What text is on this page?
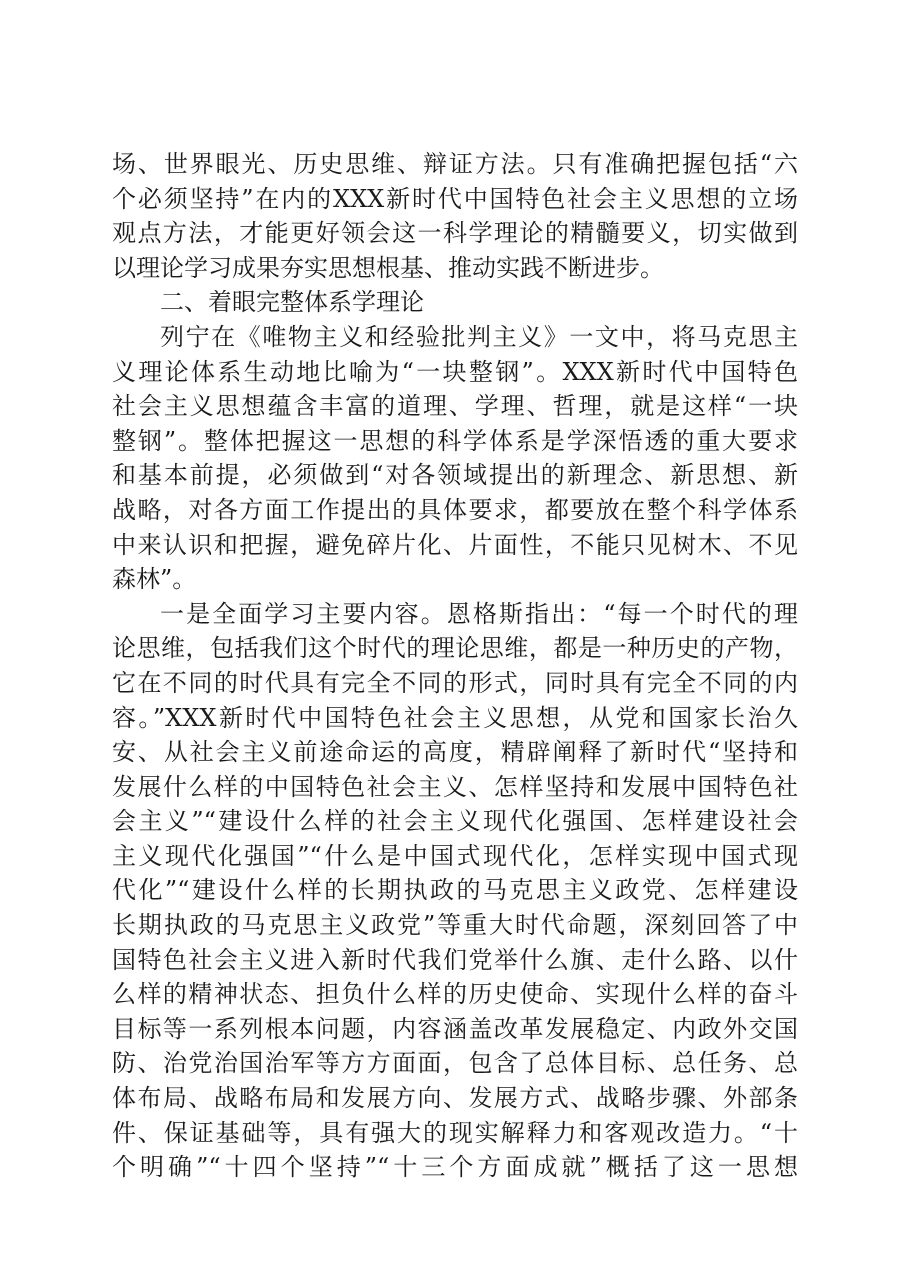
场、世界眼光、历史思维、辩证方法。只有准确把握包括“六
个必须坚持”在内的XXX新时代中国特色社会主义思想的立场
观点方法，才能更好领会这一科学理论的精髓要义，切实做到
以理论学习成果夯实思想根基、推动实践不断进步。
二、着眼完整体系学理论
列宁在《唯物主义和经验批判主义》一文中，将马克思主
义理论体系生动地比喻为“一块整钢”。XXX新时代中国特色
社会主义思想蕴含丰富的道理、学理、哲理，就是这样“一块
整钢”。整体把握这一思想的科学体系是学深悟透的重大要求
和基本前提，必须做到“对各领域提出的新理念、新思想、新
战略，对各方面工作提出的具体要求，都要放在整个科学体系
中来认识和把握，避免碎片化、片面性，不能只见树木、不见
森林”。
一是全面学习主要内容。恩格斯指出：“每一个时代的理
论思维，包括我们这个时代的理论思维，都是一种历史的产物，
它在不同的时代具有完全不同的形式，同时具有完全不同的内
容。”XXX新时代中国特色社会主义思想，从党和国家长治久
安、从社会主义前途命运的高度，精辟阐释了新时代“坚持和
发展什么样的中国特色社会主义、怎样坚持和发展中国特色社
会主义”“建设什么样的社会主义现代化强国、怎样建设社会
主义现代化强国”“什么是中国式现代化，怎样实现中国式现
代化”“建设什么样的长期执政的马克思主义政党、怎样建设
长期执政的马克思主义政党”等重大时代命题，深刻回答了中
国特色社会主义进入新时代我们党举什么旗、走什么路、以什
么样的精神状态、担负什么样的历史使命、实现什么样的奋斗
目标等一系列根本问题，内容涵盖改革发展稳定、内政外交国
防、治党治国治军等方方面面，包含了总体目标、总任务、总
体布局、战略布局和发展方向、发展方式、战略步骤、外部条
件、保证基础等，具有强大的现实解释力和客观改造力。“十
个明确”“十四个坚持”“十三个方面成就”概括了这一思想
